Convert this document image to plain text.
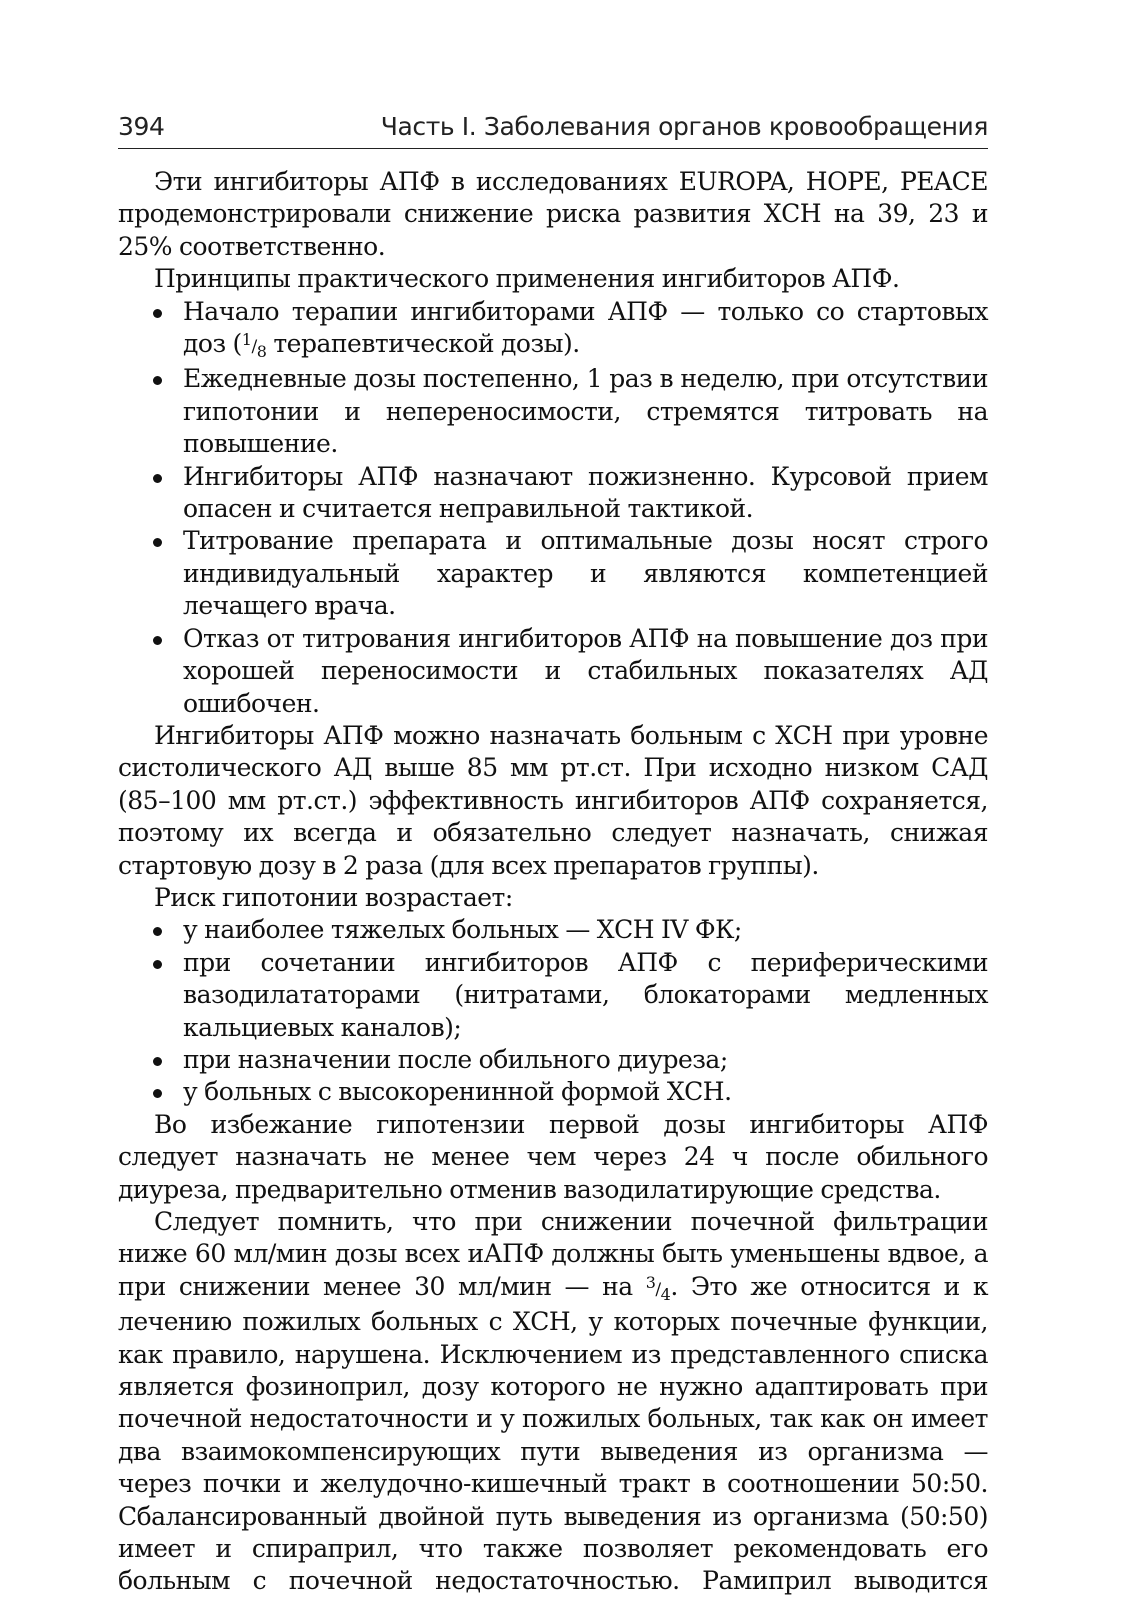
394	Часть I. Заболевания органов кровообращения

Эти ингибиторы АПФ в исследованиях EUROPA, HOPE, PEACE продемонстрировали снижение риска развития ХСН на 39, 23 и 25% соответственно.

Принципы практического применения ингибиторов АПФ.

Начало терапии ингибиторами АПФ — только со стартовых доз ($^1/_8$ терапевтической дозы).
Ежедневные дозы постепенно, 1 раз в неделю, при отсутствии гипотонии и непереносимости, стремятся титровать на повышение.
Ингибиторы АПФ назначают пожизненно. Курсовой прием опасен и считается неправильной тактикой.
Титрование препарата и оптимальные дозы носят строго индивидуальный характер и являются компетенцией лечащего врача.
Отказ от титрования ингибиторов АПФ на повышение доз при хорошей переносимости и стабильных показателях АД ошибочен.

Ингибиторы АПФ можно назначать больным с ХСН при уровне систолического АД выше 85 мм рт.ст. При исходно низком САД (85–100 мм рт.ст.) эффективность ингибиторов АПФ сохраняется, поэтому их всегда и обязательно следует назначать, снижая стартовую дозу в 2 раза (для всех препаратов группы).

Риск гипотонии возрастает:

у наиболее тяжелых больных — ХСН IV ФК;
при сочетании ингибиторов АПФ с периферическими вазодилататорами (нитратами, блокаторами медленных кальциевых каналов);
при назначении после обильного диуреза;
у больных с высокоренинной формой ХСН.

Во избежание гипотензии первой дозы ингибиторы АПФ следует назначать не менее чем через 24 ч после обильного диуреза, предварительно отменив вазодилатирующие средства.

Следует помнить, что при снижении почечной фильтрации ниже 60 мл/мин дозы всех иАПФ должны быть уменьшены вдвое, а при снижении менее 30 мл/мин — на $^3/_4$. Это же относится и к лечению пожилых больных с ХСН, у которых почечные функции, как правило, нарушена. Исключением из представленного списка является фозиноприл, дозу которого не нужно адаптировать при почечной недостаточности и у пожилых больных, так как он имеет два взаимокомпенсирующих пути выведения из организма — через почки и желудочно-кишечный тракт в соотношении 50:50. Сбалансированный двойной путь выведения из организма (50:50) имеет и спираприл, что также позволяет рекомендовать его больным с почечной недостаточностью. Рамиприл выводится
